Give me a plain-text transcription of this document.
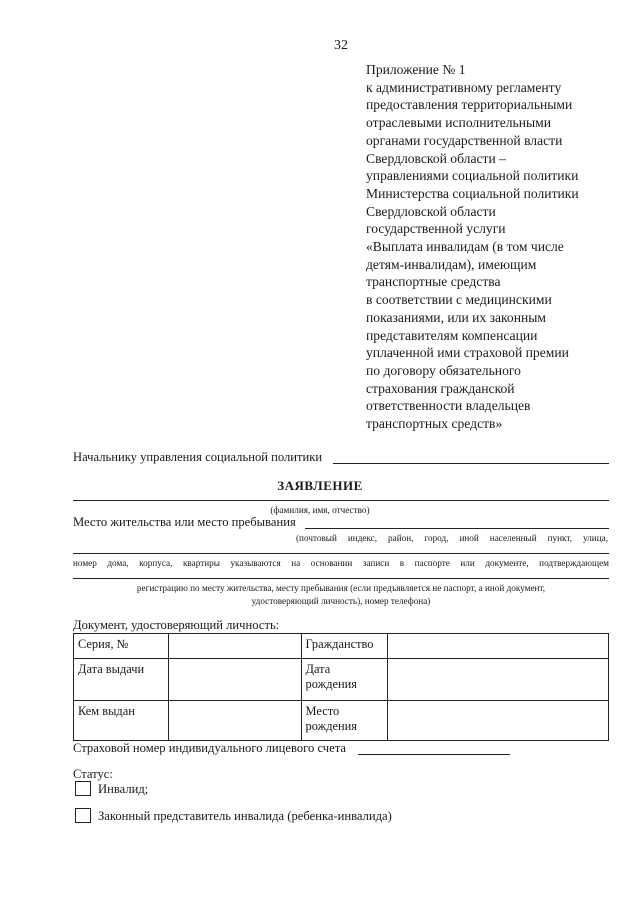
32
Приложение № 1
к административному регламенту
предоставления территориальными
отраслевыми исполнительными
органами государственной власти
Свердловской области –
управлениями социальной политики
Министерства социальной политики
Свердловской области
государственной услуги
«Выплата инвалидам (в том числе
детям-инвалидам), имеющим
транспортные средства
в соответствии с медицинскими
показаниями, или их законным
представителям компенсации
уплаченной ими страховой премии
по договору обязательного
страхования гражданской
ответственности владельцев
транспортных средств»
Начальнику управления социальной политики
ЗАЯВЛЕНИЕ
(фамилия, имя, отчество)
Место жительства или место пребывания
(почтовый индекс, район, город, иной населенный пункт, улица,
номер дома, корпуса, квартиры указываются на основании записи в паспорте или документе, подтверждающем
регистрацию по месту жительства, месту пребывания (если предъявляется не паспорт, а иной документ,
удостоверяющий личность), номер телефона)
Документ, удостоверяющий личность:
Серия, №		Гражданство	
Дата выдачи		Дата
рождения	

Кем выдан		Место
рождения	

Страховой номер индивидуального лицевого счета
Статус:
Инвалид;
Законный представитель инвалида (ребенка-инвалида)
